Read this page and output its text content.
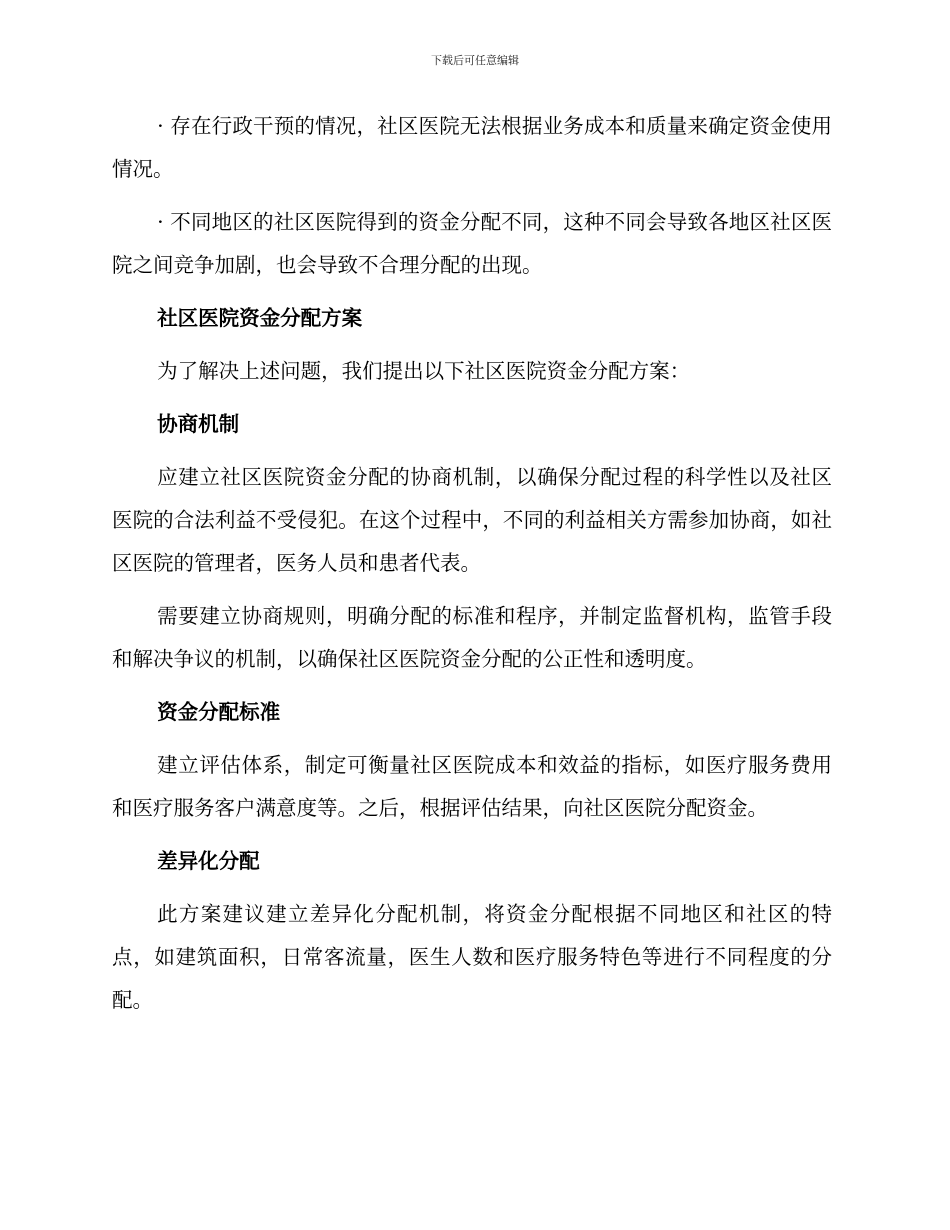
下载后可任意编辑

· 存在行政干预的情况，社区医院无法根据业务成本和质量来确定资金使用情况。

· 不同地区的社区医院得到的资金分配不同，这种不同会导致各地区社区医院之间竞争加剧，也会导致不合理分配的出现。

社区医院资金分配方案

为了解决上述问题，我们提出以下社区医院资金分配方案：

协商机制

应建立社区医院资金分配的协商机制，以确保分配过程的科学性以及社区医院的合法利益不受侵犯。在这个过程中，不同的利益相关方需参加协商，如社区医院的管理者，医务人员和患者代表。

需要建立协商规则，明确分配的标准和程序，并制定监督机构，监管手段和解决争议的机制，以确保社区医院资金分配的公正性和透明度。

资金分配标准

建立评估体系，制定可衡量社区医院成本和效益的指标，如医疗服务费用和医疗服务客户满意度等。之后，根据评估结果，向社区医院分配资金。

差异化分配

此方案建议建立差异化分配机制，将资金分配根据不同地区和社区的特点，如建筑面积，日常客流量，医生人数和医疗服务特色等进行不同程度的分配。
